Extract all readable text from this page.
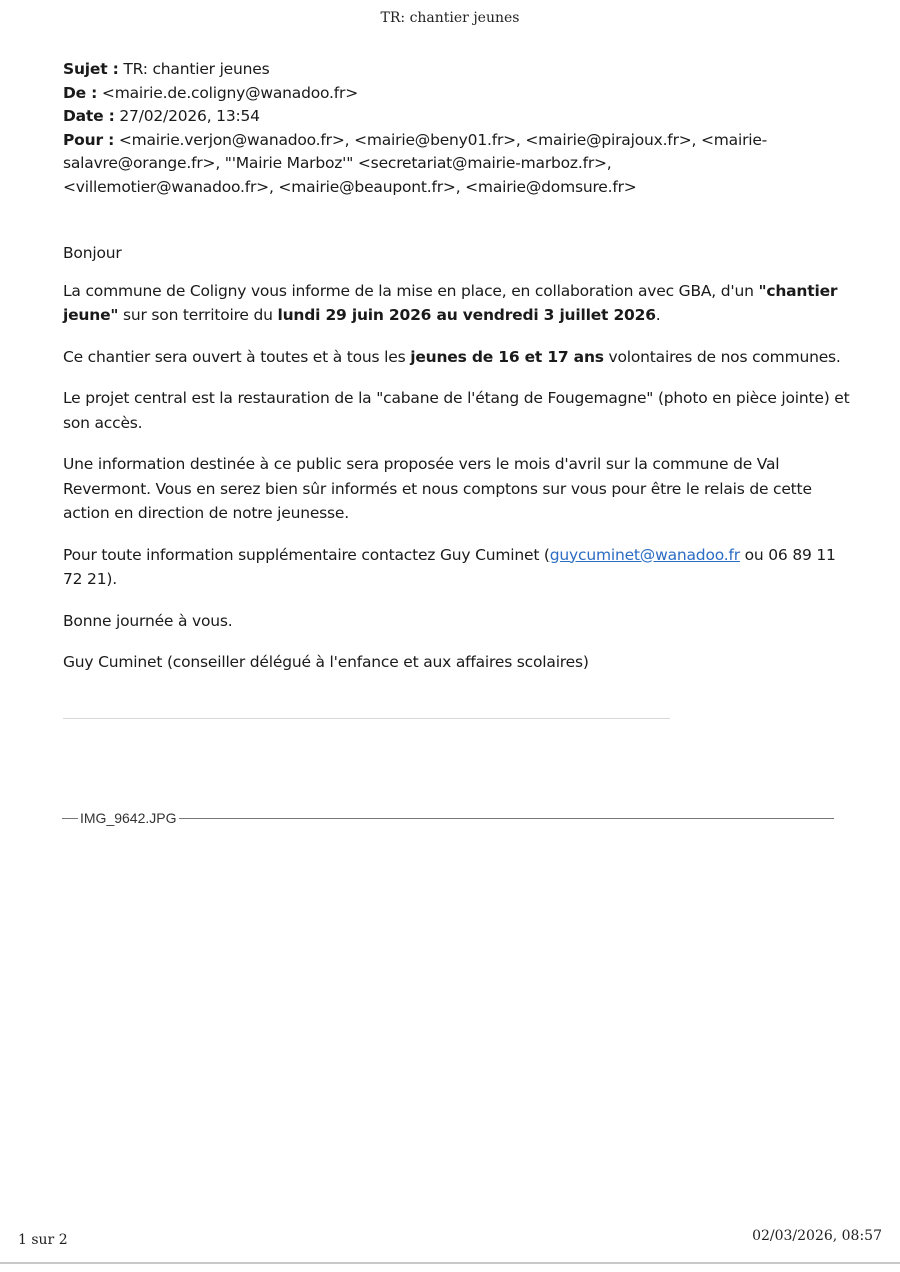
TR: chantier jeunes
Sujet : TR: chantier jeunes
De : <mairie.de.coligny@wanadoo.fr>
Date : 27/02/2026, 13:54
Pour : <mairie.verjon@wanadoo.fr>, <mairie@beny01.fr>, <mairie@pirajoux.fr>, <mairie-
salavre@orange.fr>, "'Mairie Marboz'" <secretariat@mairie-marboz.fr>,
<villemotier@wanadoo.fr>, <mairie@beaupont.fr>, <mairie@domsure.fr>

Bonjour

La commune de Coligny vous informe de la mise en place, en collaboration avec GBA, d'un "chantier jeune" sur son territoire du lundi 29 juin 2026 au vendredi 3 juillet 2026.

Ce chantier sera ouvert à toutes et à tous les jeunes de 16 et 17 ans volontaires de nos communes.

Le projet central est la restauration de la "cabane de l'étang de Fougemagne" (photo en pièce jointe) et son accès.

Une information destinée à ce public sera proposée vers le mois d'avril sur la commune de Val Revermont. Vous en serez bien sûr informés et nous comptons sur vous pour être le relais de cette action en direction de notre jeunesse.

Pour toute information supplémentaire contactez Guy Cuminet (guycuminet@wanadoo.fr ou 06 89 11 72 21).

Bonne journée à vous.

Guy Cuminet (conseiller délégué à l'enfance et aux affaires scolaires)

IMG_9642.JPG
1 sur 2	02/03/2026, 08:57
